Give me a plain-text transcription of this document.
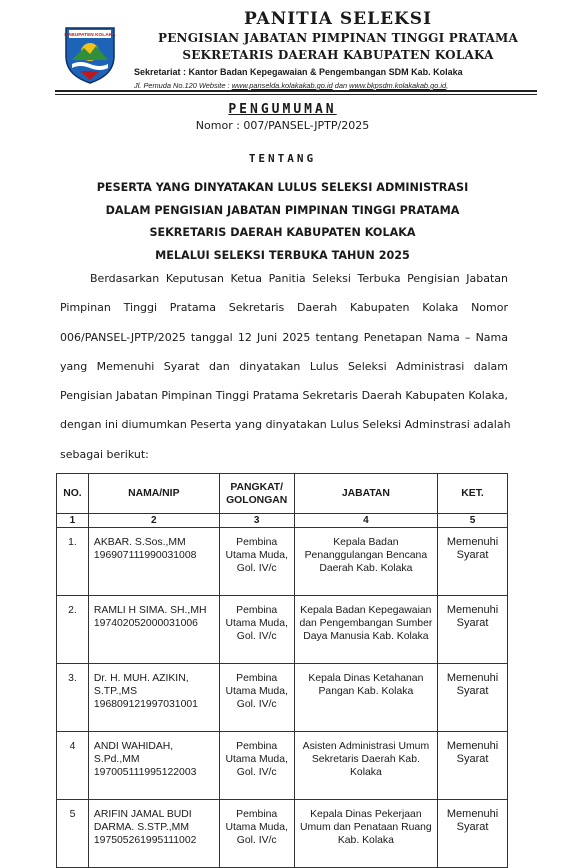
KABUPATEN KOLAKA
PANITIA SELEKSI
PENGISIAN JABATAN PIMPINAN TINGGI PRATAMA
SEKRETARIS DAERAH KABUPATEN KOLAKA
Sekretariat : Kantor Badan Kepegawaian & Pengembangan SDM Kab. Kolaka
Jl. Pemuda No.120 Website : www.panselda.kolakakab.go.id dan www.bkpsdm.kolakakab.go.id,
PENGUMUMAN
Nomor : 007/PANSEL-JPTP/2025
TENTANG
PESERTA YANG DINYATAKAN LULUS SELEKSI ADMINISTRASI
DALAM PENGISIAN JABATAN PIMPINAN TINGGI PRATAMA
SEKRETARIS DAERAH KABUPATEN KOLAKA
MELALUI SELEKSI TERBUKA TAHUN 2025
Berdasarkan Keputusan Ketua Panitia Seleksi Terbuka Pengisian Jabatan
Pimpinan Tinggi Pratama Sekretaris Daerah Kabupaten Kolaka Nomor
006/PANSEL-JPTP/2025 tanggal 12 Juni 2025 tentang Penetapan Nama – Nama
yang Memenuhi Syarat dan dinyatakan Lulus Seleksi Administrasi dalam
Pengisian Jabatan Pimpinan Tinggi Pratama Sekretaris Daerah Kabupaten Kolaka,
dengan ini diumumkan Peserta yang dinyatakan Lulus Seleksi Adminstrasi adalah
sebagai berikut:
NO.	NAMA/NIP	PANGKAT/ GOLONGAN	JABATAN	KET.
1	2	3	4	5
1.	AKBAR. S.Sos.,MM
196907111990031008	Pembina
Utama Muda,
Gol. IV/c	Kepala Badan
Penanggulangan Bencana
Daerah Kab. Kolaka	Memenuhi
Syarat

2.	RAMLI H SIMA. SH.,MH
197402052000031006	Pembina
Utama Muda,
Gol. IV/c	Kepala Badan Kepegawaian
dan Pengembangan Sumber
Daya Manusia Kab. Kolaka	Memenuhi
Syarat

3.	Dr. H. MUH. AZIKIN,
S.TP.,MS
196809121997031001	Pembina
Utama Muda,
Gol. IV/c	Kepala Dinas Ketahanan
Pangan Kab. Kolaka	Memenuhi
Syarat

4	ANDI WAHIDAH,
S.Pd.,MM
197005111995122003	Pembina
Utama Muda,
Gol. IV/c	Asisten Administrasi Umum
Sekretaris Daerah Kab.
Kolaka	Memenuhi
Syarat

5	ARIFIN JAMAL BUDI
DARMA. S.STP.,MM
197505261995111002	Pembina
Utama Muda,
Gol. IV/c	Kepala Dinas Pekerjaan
Umum dan Penataan Ruang
Kab. Kolaka	Memenuhi
Syarat
